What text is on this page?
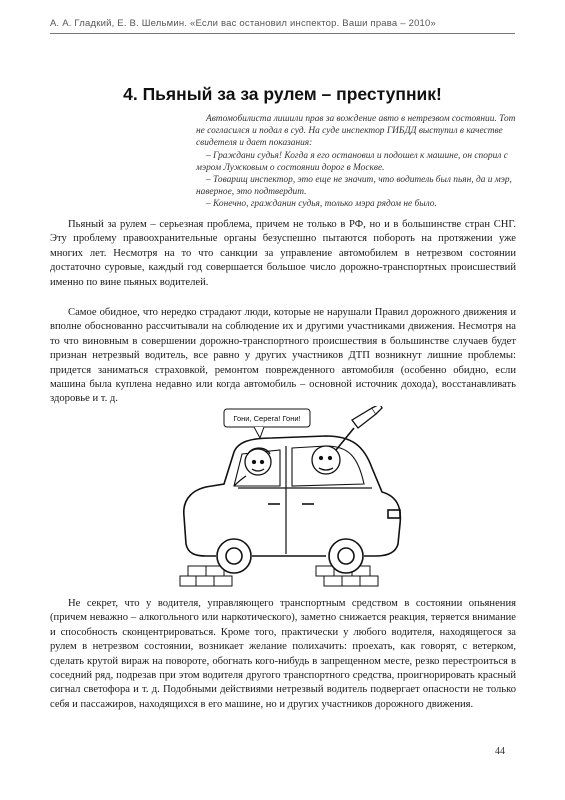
А. А. Гладкий, Е. В. Шельмин. «Если вас остановил инспектор. Ваши права – 2010»
4. Пьяный за за рулем – преступник!

Автомобилиста лишили прав за вождение авто в нетрезвом состоянии. Тот не согласился и подал в суд. На суде инспектор ГИБДД выступил в качестве свидетеля и дает показания:

– Граждани судья! Когда я его остановил и подошел к машине, он спорил с мэром Лужковым о состоянии дорог в Москве.

– Товарищ инспектор, это еще не значит, что водитель был пьян, да и мэр, наверное, это подтвердит.

– Конечно, гражданин судья, только мэра рядом не было.

Пьяный за рулем – серьезная проблема, причем не только в РФ, но и в большинстве стран СНГ. Эту проблему правоохранительные органы безуспешно пытаются побороть на протяжении уже многих лет. Несмотря на то что санкции за управление автомобилем в нетрезвом состоянии достаточно суровые, каждый год совершается большое число дорожно-транспортных происшествий именно по вине пьяных водителей.

Самое обидное, что нередко страдают люди, которые не нарушали Правил дорожного движения и вполне обоснованно рассчитывали на соблюдение их и другими участниками движения. Несмотря на то что виновным в совершении дорожно-транспортного происшествия в большинстве случаев будет признан нетрезвый водитель, все равно у других участников ДТП возникнут лишние проблемы: придется заниматься страховкой, ремонтом поврежденного автомобиля (особенно обидно, если машина была куплена недавно или когда автомобиль – основной источник дохода), восстанавливать здоровье и т. д.

Гони, Серега! Гони!

Не секрет, что у водителя, управляющего транспортным средством в состоянии опьянения (причем неважно – алкогольного или наркотического), заметно снижается реакция, теряется внимание и способность сконцентрироваться. Кроме того, практически у любого водителя, находящегося за рулем в нетрезвом состоянии, возникает желание полихачить: проехать, как говорят, с ветерком, сделать крутой вираж на повороте, обогнать кого-нибудь в запрещенном месте, резко перестроиться в соседний ряд, подрезав при этом водителя другого транспортного средства, проигнорировать красный сигнал светофора и т. д. Подобными действиями нетрезвый водитель подвергает опасности не только себя и пассажиров, находящихся в его машине, но и других участников дорожного движения.

44
